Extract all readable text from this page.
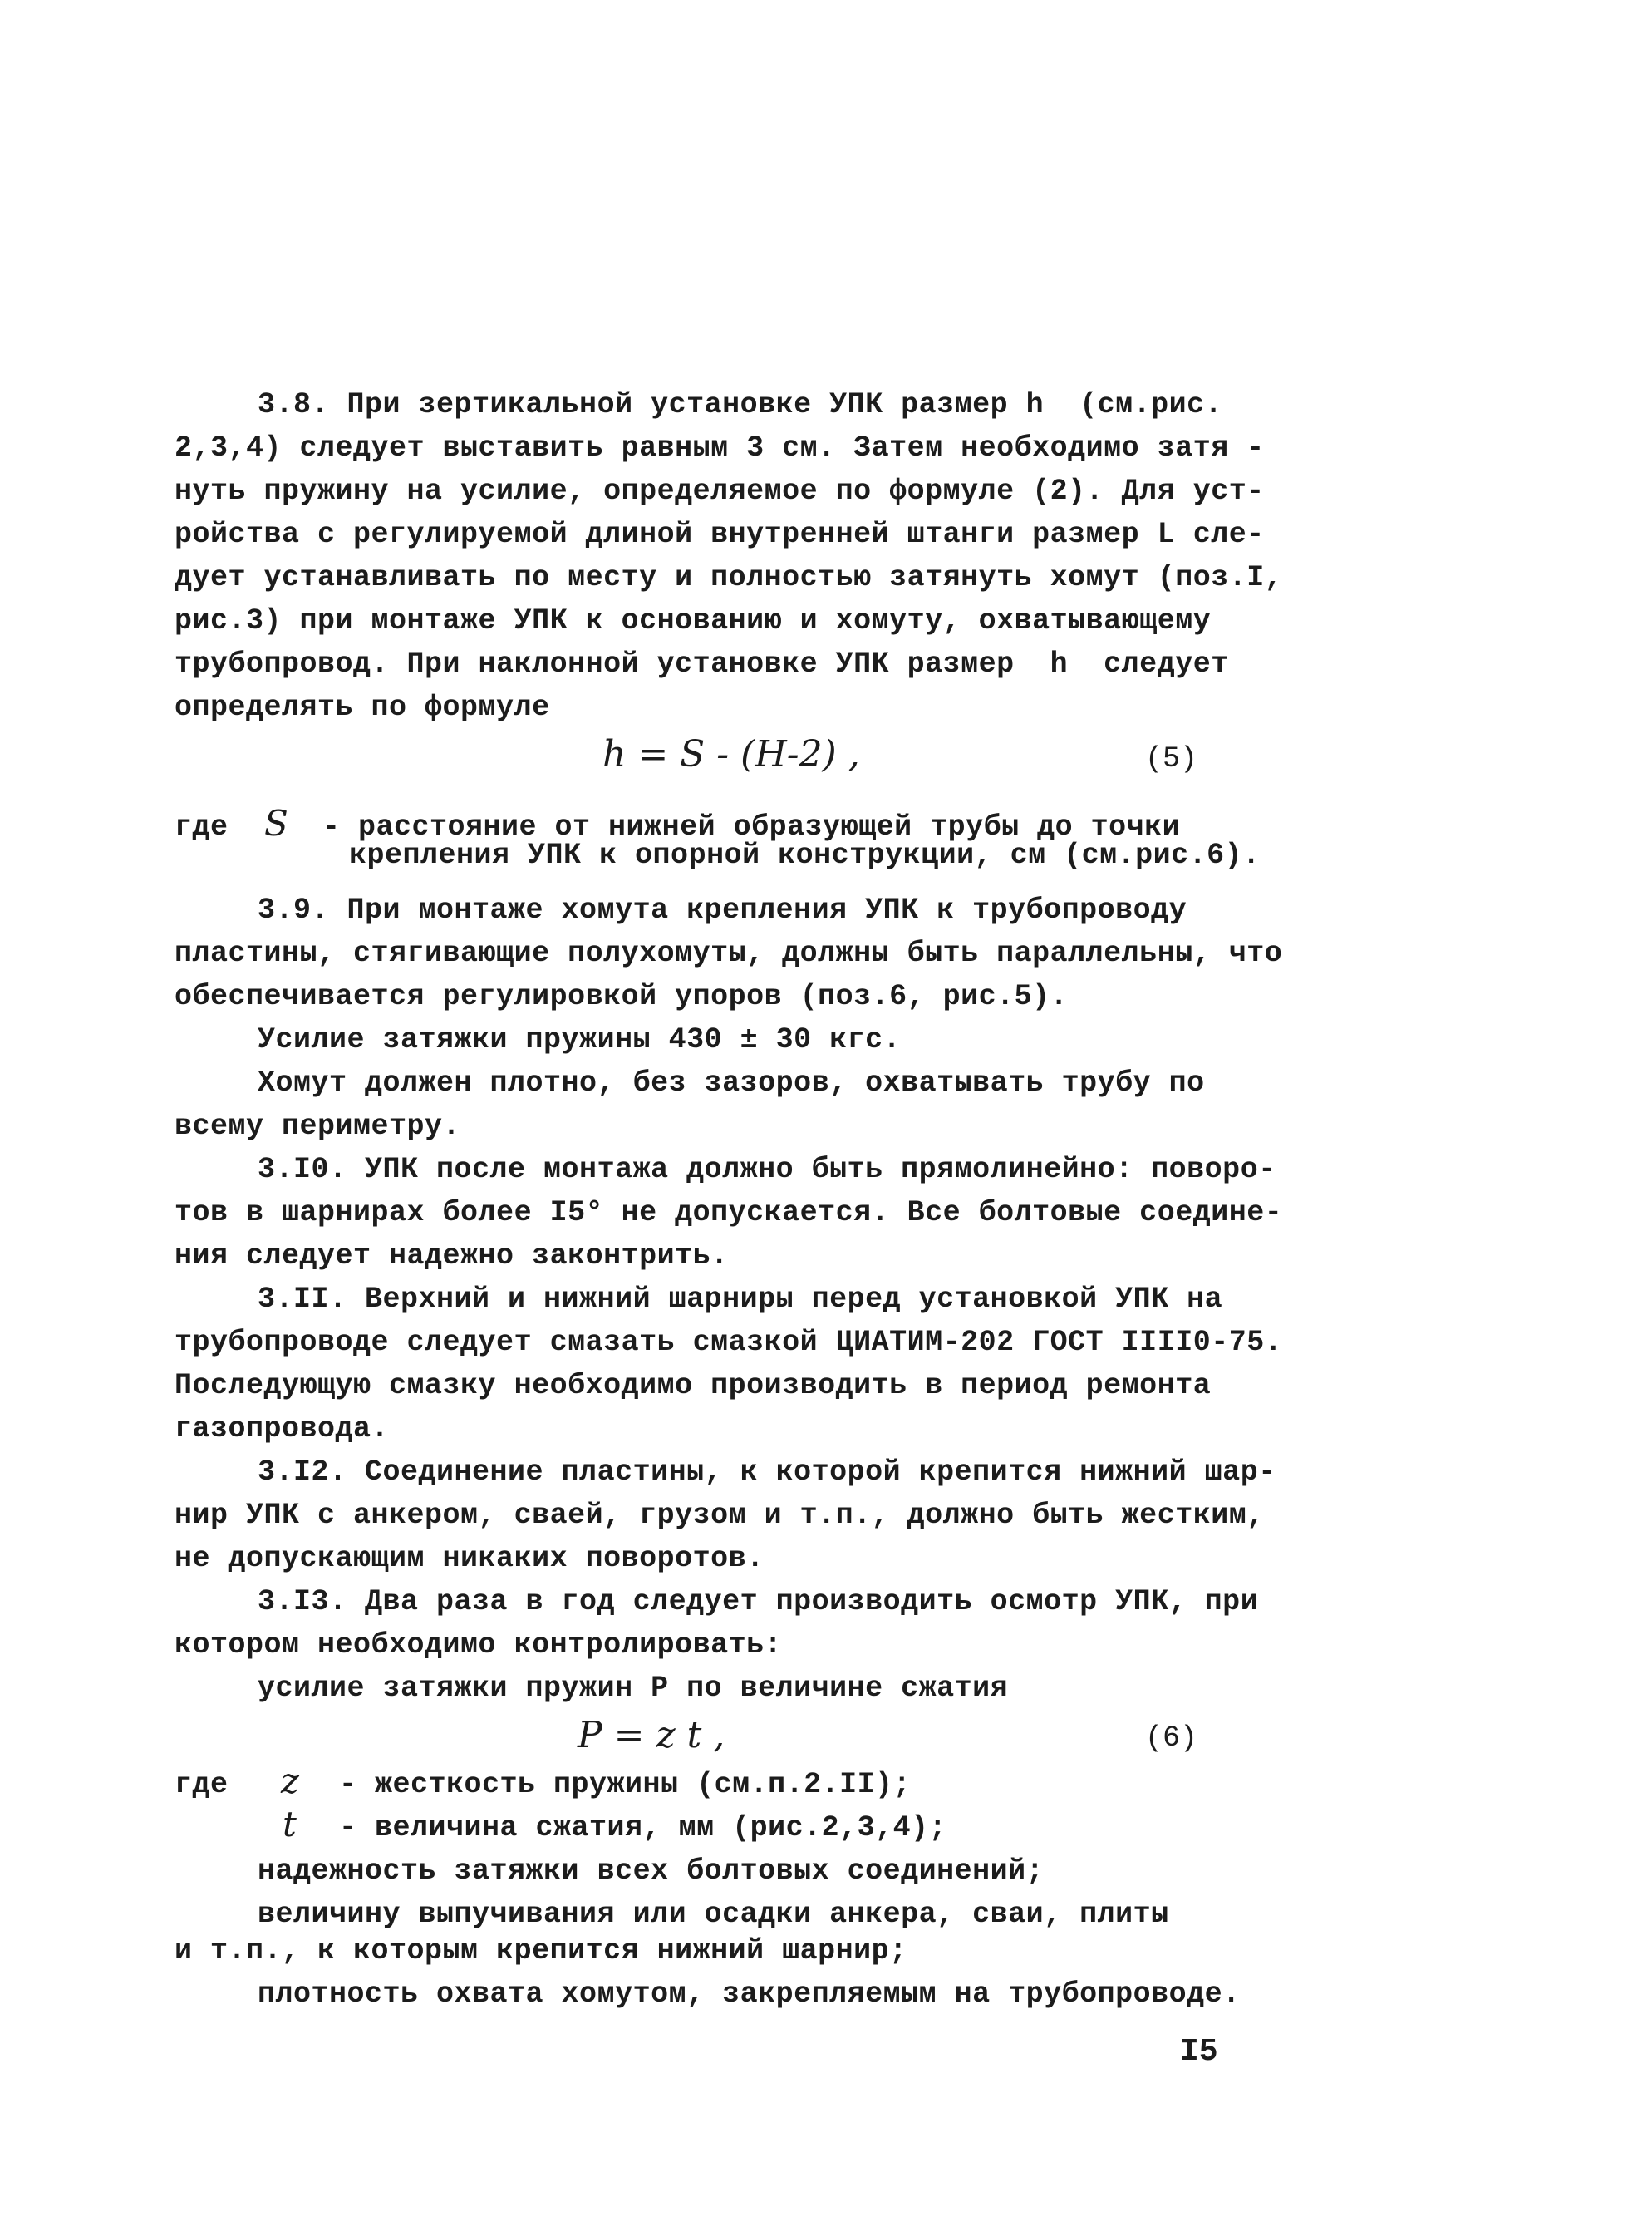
3.8. При зертикальной установке УПК размер h  (см.рис.
2,3,4) следует выставить равным 3 см. Затем необходимо затя -
нуть пружину на усилие, определяемое по формуле (2). Для уст-
ройства с регулируемой длиной внутренней штанги размер L сле-
дует устанавливать по месту и полностью затянуть хомут (поз.I,
рис.3) при монтаже УПК к основанию и хомуту, охватывающему
трубопровод. При наклонной установке УПК размер  h  следует
определять по формуле
h = S - (H-2) ,	(5)
где S - расстояние от нижней образующей трубы до точки
крепления УПК к опорной конструкции, см (см.рис.6).
3.9. При монтаже хомута крепления УПК к трубопроводу
пластины, стягивающие полухомуты, должны быть параллельны, что
обеспечивается регулировкой упоров (поз.6, рис.5).
Усилие затяжки пружины 430 ± 30 кгс.
Хомут должен плотно, без зазоров, охватывать трубу по
всему периметру.
3.I0. УПК после монтажа должно быть прямолинейно: поворо-
тов в шарнирах более I5° не допускается. Все болтовые соедине-
ния следует надежно законтрить.
3.II. Верхний и нижний шарниры перед установкой УПК на
трубопроводе следует смазать смазкой ЦИАТИМ-202 ГОСТ IIII0-75.
Последующую смазку необходимо производить в период ремонта
газопровода.
3.I2. Соединение пластины, к которой крепится нижний шар-
нир УПК с анкером, сваей, грузом и т.п., должно быть жестким,
не допускающим никаких поворотов.
3.I3. Два раза в год следует производить осмотр УПК, при
котором необходимо контролировать:
усилие затяжки пружин P по величине сжатия
P = z t ,	(6)
где z - жесткость пружины (см.п.2.II);
t - величина сжатия, мм (рис.2,3,4);
надежность затяжки всех болтовых соединений;
величину выпучивания или осадки анкера, сваи, плиты
и т.п., к которым крепится нижний шарнир;
плотность охвата хомутом, закрепляемым на трубопроводе.
I5
